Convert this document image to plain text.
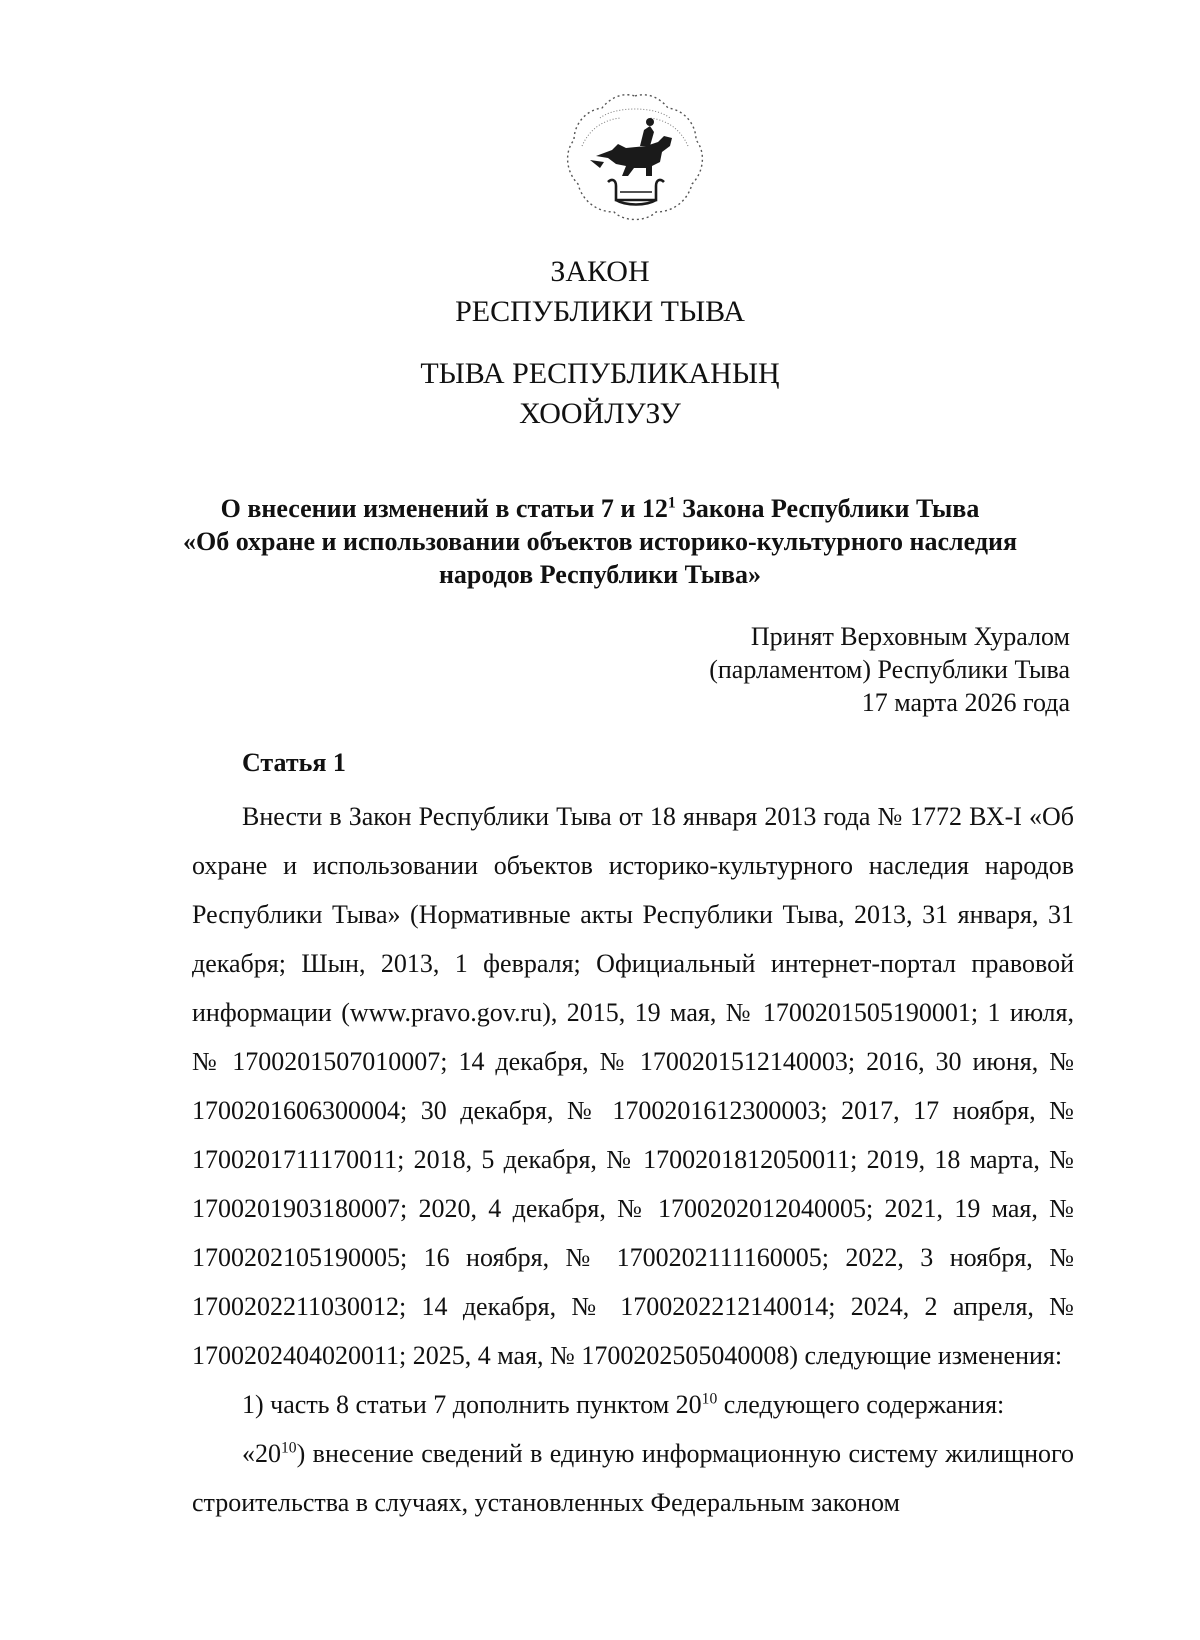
ЗАКОН
РЕСПУБЛИКИ ТЫВА
ТЫВА РЕСПУБЛИКАНЫҢ
ХООЙЛУЗУ
О внесении изменений в статьи 7 и $12^1$ Закона Республики Тыва
«Об охране и использовании объектов историко-культурного наследия
народов Республики Тыва»
Принят Верховным Хуралом
(парламентом) Республики Тыва
17 марта 2026 года
Статья 1

Внести в Закон Республики Тыва от 18 января 2013 года № 1772 ВХ-I «Об охране и использовании объектов историко-культурного наследия народов Республики Тыва» (Нормативные акты Республики Тыва, 2013, 31 января, 31 декабря; Шын, 2013, 1 февраля; Официальный интернет-портал правовой информации (www.pravo.gov.ru), 2015, 19 мая, № 1700201505190001; 1 июля, № 1700201507010007; 14 декабря, № 1700201512140003; 2016, 30 июня, № 1700201606300004; 30 декабря, № 1700201612300003; 2017, 17 ноября, № 1700201711170011; 2018, 5 декабря, № 1700201812050011; 2019, 18 марта, № 1700201903180007; 2020, 4 декабря, № 1700202012040005; 2021, 19 мая, № 1700202105190005; 16 ноября, № 1700202111160005; 2022, 3 ноября, № 1700202211030012; 14 декабря, № 1700202212140014; 2024, 2 апреля, № 1700202404020011; 2025, 4 мая, № 1700202505040008) следующие изменения:

1) часть 8 статьи 7 дополнить пунктом $20^{10}$ следующего содержания:

«$20^{10}$) внесение сведений в единую информационную систему жилищного строительства в случаях, установленных Федеральным законом
